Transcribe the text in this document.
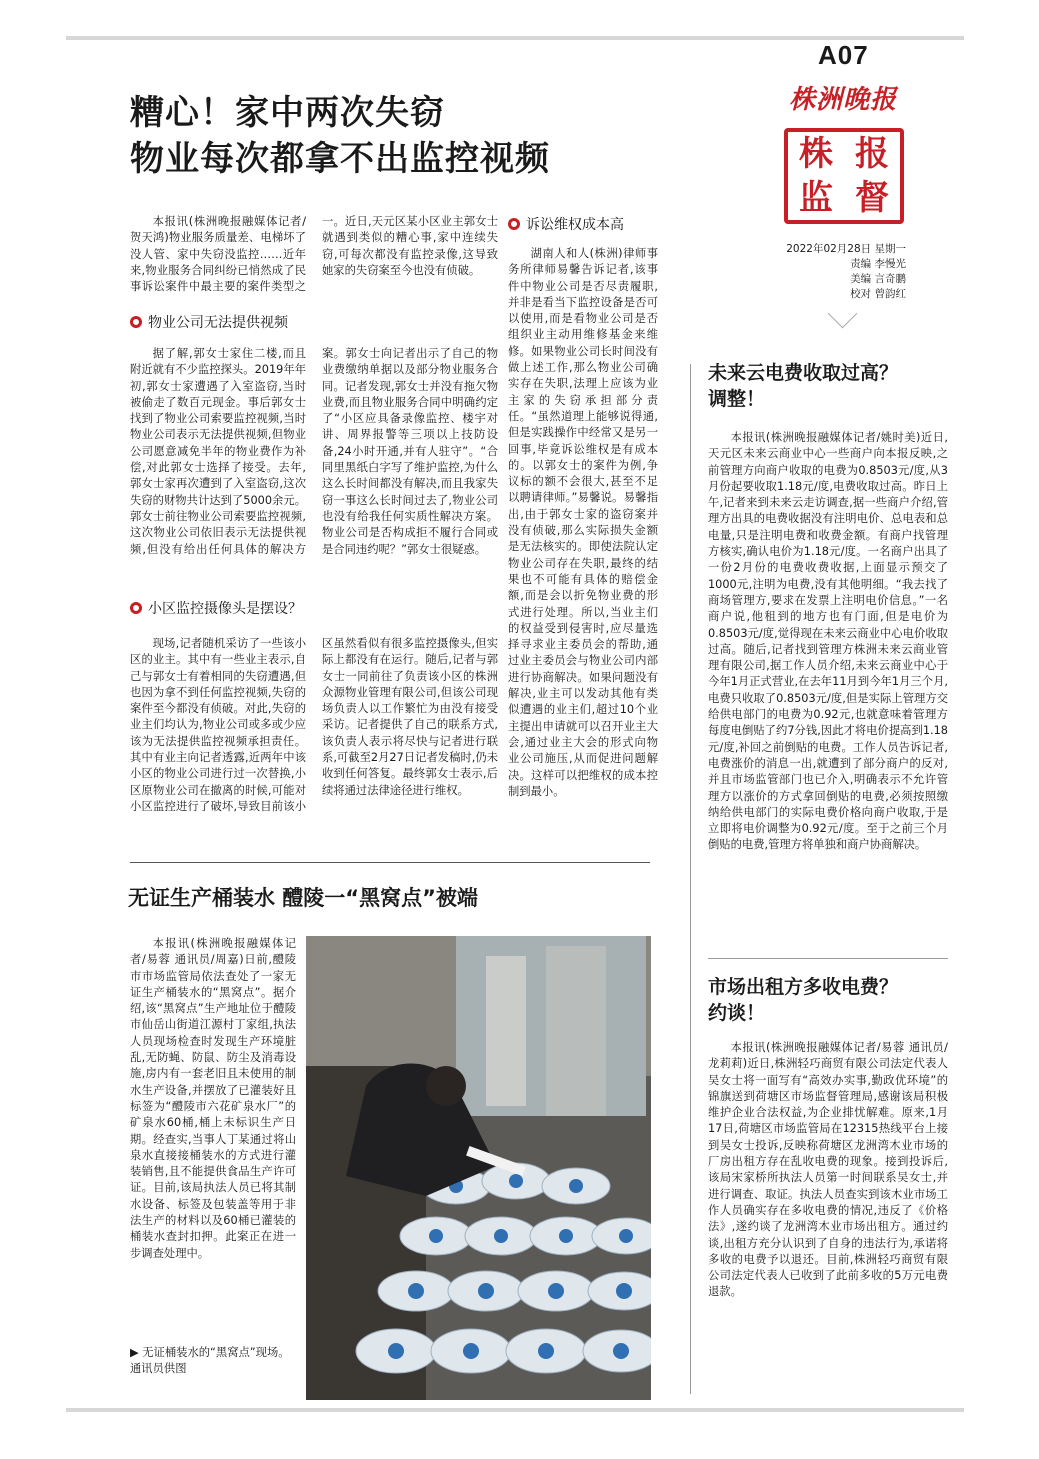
A07
株洲晚报
株 报
监 督
2022年02月28日 星期一
责编 李慢光
美编 言奇鹏
校对 曾韵红
糟心！家中两次失窃
物业每次都拿不出监控视频
本报讯(株洲晚报融媒体记者/贺天鸿)物业服务质量差、电梯坏了没人管、家中失窃没监控……近年来,物业服务合同纠纷已悄然成了民事诉讼案件中最主要的案件类型之一。近日,天元区某小区业主郭女士就遇到类似的糟心事,家中连续失窃,可每次都没有监控录像,这导致她家的失窃案至今也没有侦破。
物业公司无法提供视频
据了解,郭女士家住二楼,而且附近就有不少监控探头。2019年年初,郭女士家遭遇了入室盗窃,当时被偷走了数百元现金。事后郭女士找到了物业公司索要监控视频,当时物业公司表示无法提供视频,但物业公司愿意减免半年的物业费作为补偿,对此郭女士选择了接受。去年,郭女士家再次遭到了入室盗窃,这次失窃的财物共计达到了5000余元。郭女士前往物业公司索要监控视频,这次物业公司依旧表示无法提供视频,但没有给出任何具体的解决方案。郭女士向记者出示了自己的物业费缴纳单据以及部分物业服务合同。记者发现,郭女士并没有拖欠物业费,而且物业服务合同中明确约定了“小区应具备录像监控、楼宇对讲、周界报警等三项以上技防设备,24小时开通,并有人驻守”。“合同里黑纸白字写了维护监控,为什么这么长时间都没有解决,而且我家失窃一事这么长时间过去了,物业公司也没有给我任何实质性解决方案。物业公司是否构成拒不履行合同或是合同违约呢？”郭女士很疑惑。
小区监控摄像头是摆设？
现场,记者随机采访了一些该小区的业主。其中有一些业主表示,自己与郭女士有着相同的失窃遭遇,但也因为拿不到任何监控视频,失窃的案件至今都没有侦破。对此,失窃的业主们均认为,物业公司或多或少应该为无法提供监控视频承担责任。其中有业主向记者透露,近两年中该小区的物业公司进行过一次替换,小区原物业公司在撤离的时候,可能对小区监控进行了破坏,导致目前该小区虽然看似有很多监控摄像头,但实际上都没有在运行。随后,记者与郭女士一同前往了负责该小区的株洲众源物业管理有限公司,但该公司现场负责人以工作繁忙为由没有接受采访。记者提供了自己的联系方式,该负责人表示将尽快与记者进行联系,可截至2月27日记者发稿时,仍未收到任何答复。最终郭女士表示,后续将通过法律途径进行维权。
诉讼维权成本高
湖南人和人(株洲)律师事务所律师易馨告诉记者,该事件中物业公司是否尽责履职,并非是看当下监控设备是否可以使用,而是看物业公司是否组织业主动用维修基金来维修。如果物业公司长时间没有做上述工作,那么物业公司确实存在失职,法理上应该为业主家的失窃承担部分责任。“虽然道理上能够说得通,但是实践操作中经常又是另一回事,毕竟诉讼维权是有成本的。以郭女士的案件为例,争议标的额不会很大,甚至不足以聘请律师。”易馨说。易馨指出,由于郭女士家的盗窃案并没有侦破,那么实际损失金额是无法核实的。即使法院认定物业公司存在失职,最终的结果也不可能有具体的赔偿金额,而是会以折免物业费的形式进行处理。所以,当业主们的权益受到侵害时,应尽量选择寻求业主委员会的帮助,通过业主委员会与物业公司内部进行协商解决。如果问题没有解决,业主可以发动其他有类似遭遇的业主们,超过10个业主提出申请就可以召开业主大会,通过业主大会的形式向物业公司施压,从而促进问题解决。这样可以把维权的成本控制到最小。
无证生产桶装水 醴陵一“黑窝点”被端
本报讯(株洲晚报融媒体记者/易蓉 通讯员/周嘉)日前,醴陵市市场监管局依法查处了一家无证生产桶装水的“黑窝点”。据介绍,该“黑窝点”生产地址位于醴陵市仙岳山街道江源村丁家组,执法人员现场检查时发现生产环境脏乱,无防蝇、防鼠、防尘及消毒设施,房内有一套老旧且未使用的制水生产设备,并摆放了已灌装好且标签为“醴陵市六花矿泉水厂”的矿泉水60桶,桶上未标识生产日期。经查实,当事人丁某通过将山泉水直接接桶装水的方式进行灌装销售,且不能提供食品生产许可证。目前,该局执法人员已将其制水设备、标签及包装盖等用于非法生产的材料以及60桶已灌装的桶装水查封扣押。此案正在进一步调查处理中。
▶ 无证桶装水的“黑窝点”现场。通讯员供图
未来云电费收取过高？
调整！
本报讯(株洲晚报融媒体记者/姚时美)近日,天元区未来云商业中心一些商户向本报反映,之前管理方向商户收取的电费为0.8503元/度,从3月份起要收取1.18元/度,电费收取过高。昨日上午,记者来到未来云走访调查,据一些商户介绍,管理方出具的电费收据没有注明电价、总电表和总电量,只是注明电费和收费金额。有商户找管理方核实,确认电价为1.18元/度。一名商户出具了一份2月份的电费收费收据,上面显示预交了1000元,注明为电费,没有其他明细。“我去找了商场管理方,要求在发票上注明电价信息。”一名商户说,他租到的地方也有门面,但是电价为0.8503元/度,觉得现在未来云商业中心电价收取过高。随后,记者找到管理方株洲未来云商业管理有限公司,据工作人员介绍,未来云商业中心于今年1月正式营业,在去年11月到今年1月三个月,电费只收取了0.8503元/度,但是实际上管理方交给供电部门的电费为0.92元,也就意味着管理方每度电倒贴了约7分钱,因此才将电价提高到1.18元/度,补回之前倒贴的电费。工作人员告诉记者,电费涨价的消息一出,就遭到了部分商户的反对,并且市场监管部门也已介入,明确表示不允许管理方以涨价的方式拿回倒贴的电费,必须按照缴纳给供电部门的实际电费价格向商户收取,于是立即将电价调整为0.92元/度。至于之前三个月倒贴的电费,管理方将单独和商户协商解决。
市场出租方多收电费？
约谈！
本报讯(株洲晚报融媒体记者/易蓉 通讯员/龙莉莉)近日,株洲轻巧商贸有限公司法定代表人吴女士将一面写有“高效办实事,勤政优环境”的锦旗送到荷塘区市场监督管理局,感谢该局积极维护企业合法权益,为企业排忧解难。原来,1月17日,荷塘区市场监管局在12315热线平台上接到吴女士投诉,反映称荷塘区龙洲湾木业市场的厂房出租方存在乱收电费的现象。接到投诉后,该局宋家桥所执法人员第一时间联系吴女士,并进行调查、取证。执法人员查实到该木业市场工作人员确实存在多收电费的情况,违反了《价格法》,遂约谈了龙洲湾木业市场出租方。通过约谈,出租方充分认识到了自身的违法行为,承诺将多收的电费予以退还。目前,株洲轻巧商贸有限公司法定代表人已收到了此前多收的5万元电费退款。
